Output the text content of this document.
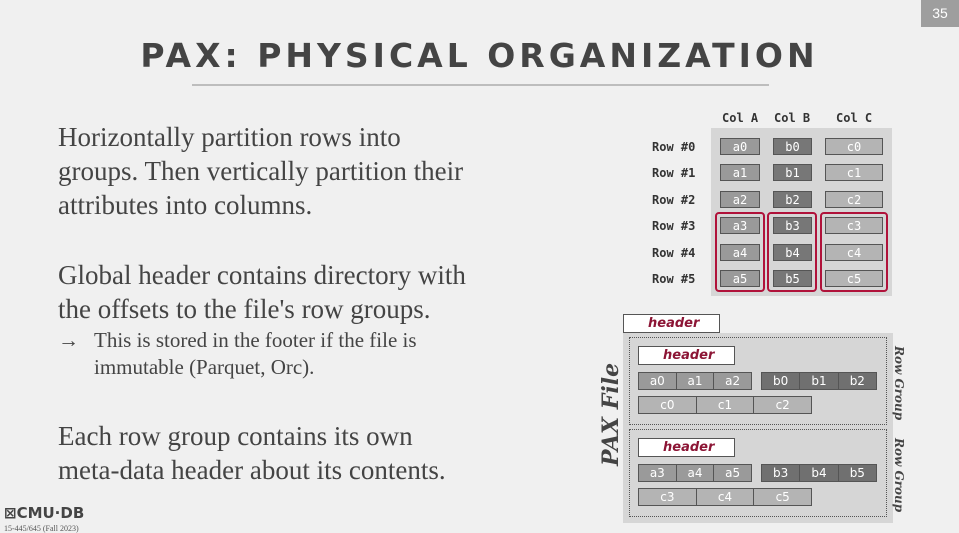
35
PAX: PHYSICAL ORGANIZATION
Horizontally partition rows into
groups. Then vertically partition their
attributes into columns.
Global header contains directory with
the offsets to the file's row groups.
→ This is stored in the footer if the file is
immutable (Parquet, Orc).
Each row group contains its own
meta-data header about its contents.
⊠CMU·DB
15-445/645 (Fall 2023)
Col A Col B Col C
Row #0	a0	b0	c0
Row #1	a1	b1	c1
Row #2	a2	b2	c2
Row #3	a3	b3	c3
Row #4	a4	b4	c4
Row #5	a5	b5	c5
header
PAX File
header
a0	a1	a2	b0	b1	b2
c0	c1	c2	Row Group
header
a3	a4	a5	b3	b4	b5
c3	c4	c5	Row Group
